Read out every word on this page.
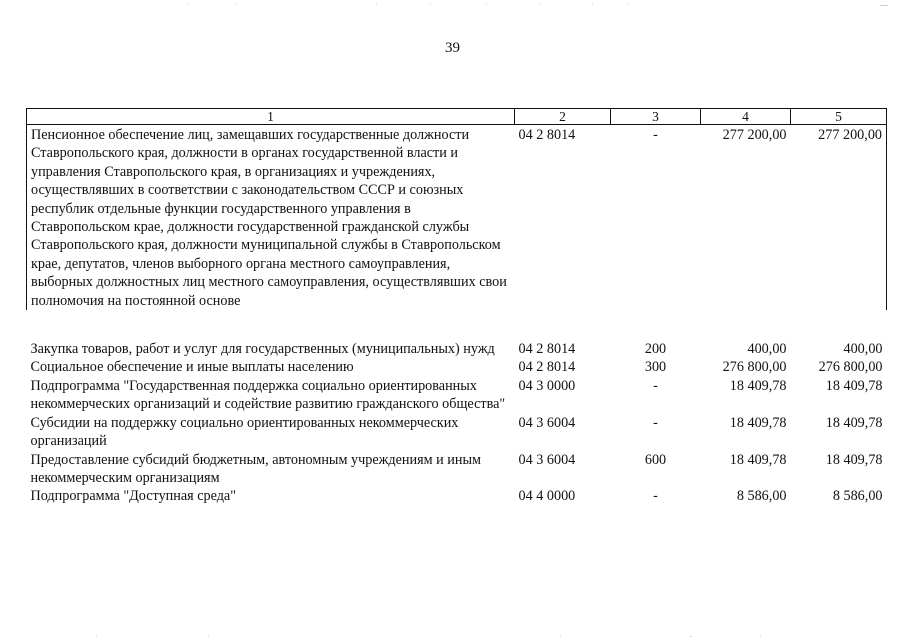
39
1	2	3	4	5
Пенсионное обеспечение лиц, замещавших государственные должности Ставропольского края, должности в органах государственной власти и управления Ставропольского края, в организациях и учреждениях, осуществлявших в соответствии с законодательством СССР и союзных республик отдельные функции государственного управления в Ставропольском крае, должности государственной гражданской службы Ставропольского края, должности муниципальной службы в Ставропольском крае, депутатов, членов выборного органа местного самоуправления, выборных должностных лиц местного самоуправления, осуществлявших свои полномочия на постоянной основе	04 2 8014	-	277 200,00	277 200,00

Закупка товаров, работ и услуг для государственных (муниципальных) нужд	04 2 8014	200	400,00	400,00
Социальное обеспечение и иные выплаты населению	04 2 8014	300	276 800,00	276 800,00
Подпрограмма "Государственная поддержка социально ориентированных некоммерческих организаций и содействие развитию гражданского общества"	04 3 0000	-	18 409,78	18 409,78
Субсидии на поддержку социально ориентированных некоммерческих организаций	04 3 6004	-	18 409,78	18 409,78
Предоставление субсидий бюджетным, автономным учреждениям и иным некоммерческим организациям	04 3 6004	600	18 409,78	18 409,78
Подпрограмма "Доступная среда"	04 4 0000	-	8 586,00	8 586,00
